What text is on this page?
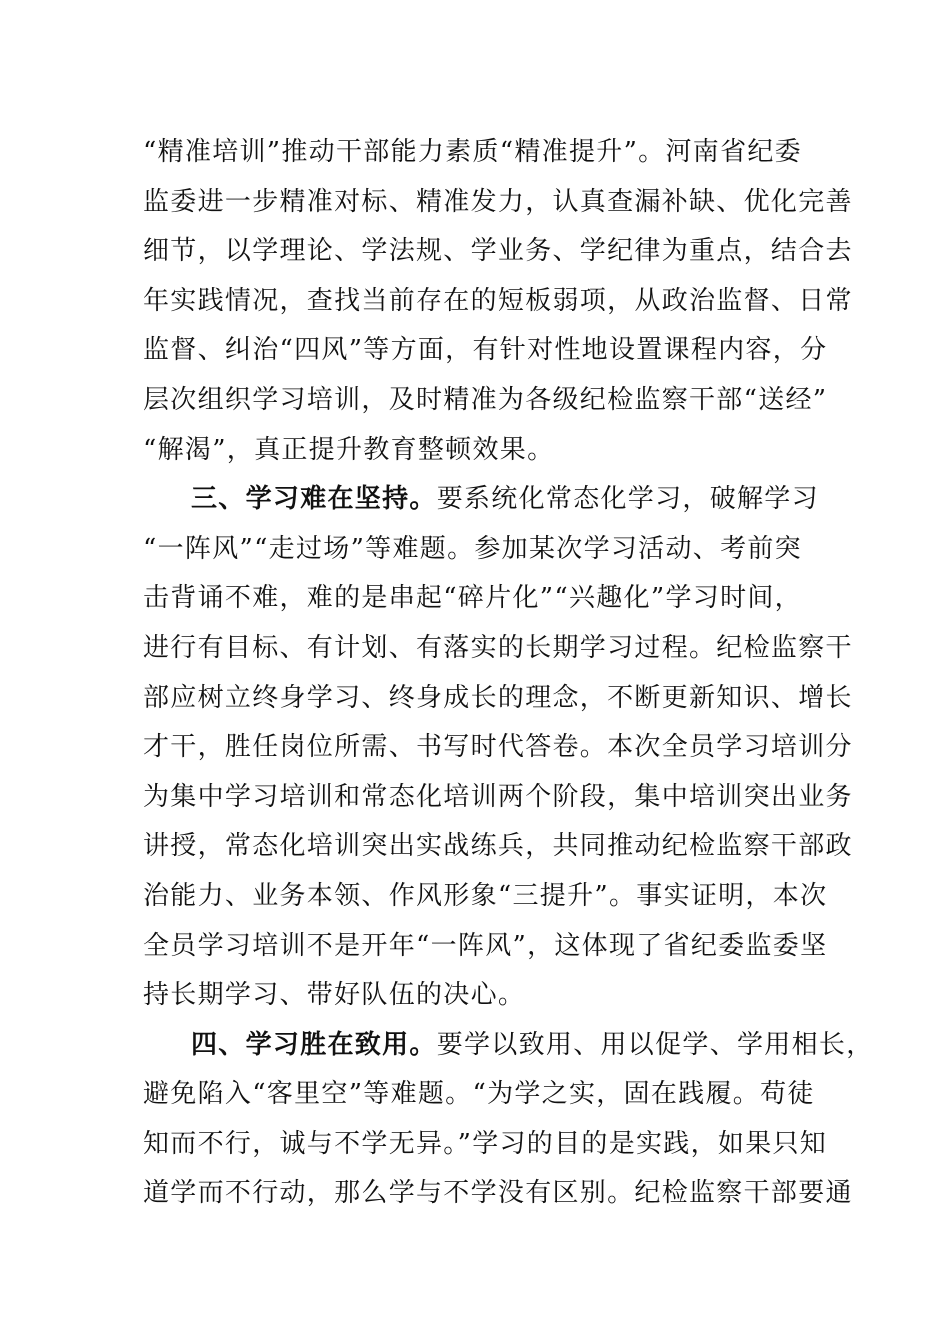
“精准培训”推动干部能力素质“精准提升”。河南省纪委
监委进一步精准对标、精准发力，认真查漏补缺、优化完善
细节，以学理论、学法规、学业务、学纪律为重点，结合去
年实践情况，查找当前存在的短板弱项，从政治监督、日常
监督、纠治“四风”等方面，有针对性地设置课程内容，分
层次组织学习培训，及时精准为各级纪检监察干部“送经”
“解渴”，真正提升教育整顿效果。
三、学习难在坚持。要系统化常态化学习，破解学习
“一阵风”“走过场”等难题。参加某次学习活动、考前突
击背诵不难，难的是串起“碎片化”“兴趣化”学习时间，
进行有目标、有计划、有落实的长期学习过程。纪检监察干
部应树立终身学习、终身成长的理念，不断更新知识、增长
才干，胜任岗位所需、书写时代答卷。本次全员学习培训分
为集中学习培训和常态化培训两个阶段，集中培训突出业务
讲授，常态化培训突出实战练兵，共同推动纪检监察干部政
治能力、业务本领、作风形象“三提升”。事实证明，本次
全员学习培训不是开年“一阵风”，这体现了省纪委监委坚
持长期学习、带好队伍的决心。
四、学习胜在致用。要学以致用、用以促学、学用相长，
避免陷入“客里空”等难题。“为学之实，固在践履。苟徒
知而不行，诚与不学无异。”学习的目的是实践，如果只知
道学而不行动，那么学与不学没有区别。纪检监察干部要通
